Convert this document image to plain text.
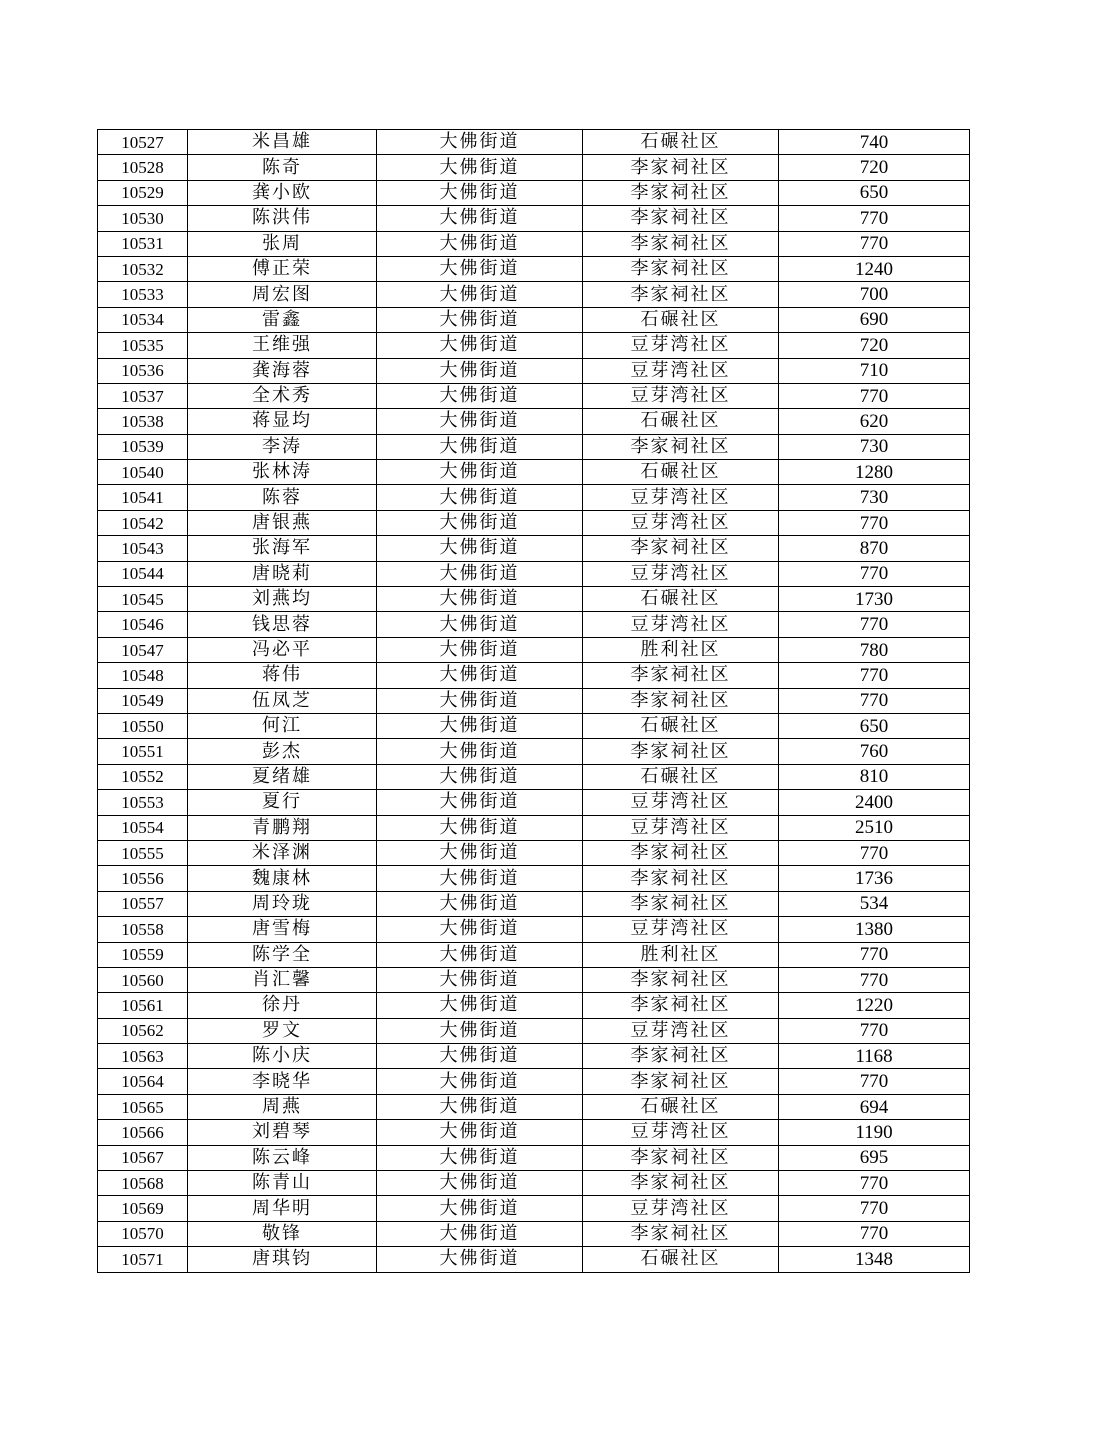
10527	米昌雄	大佛街道	石碾社区	740
10528	陈奇	大佛街道	李家祠社区	720
10529	龚小欧	大佛街道	李家祠社区	650
10530	陈洪伟	大佛街道	李家祠社区	770
10531	张周	大佛街道	李家祠社区	770
10532	傅正荣	大佛街道	李家祠社区	1240
10533	周宏图	大佛街道	李家祠社区	700
10534	雷鑫	大佛街道	石碾社区	690
10535	王维强	大佛街道	豆芽湾社区	720
10536	龚海蓉	大佛街道	豆芽湾社区	710
10537	全术秀	大佛街道	豆芽湾社区	770
10538	蒋显均	大佛街道	石碾社区	620
10539	李涛	大佛街道	李家祠社区	730
10540	张林涛	大佛街道	石碾社区	1280
10541	陈蓉	大佛街道	豆芽湾社区	730
10542	唐银燕	大佛街道	豆芽湾社区	770
10543	张海军	大佛街道	李家祠社区	870
10544	唐晓莉	大佛街道	豆芽湾社区	770
10545	刘燕均	大佛街道	石碾社区	1730
10546	钱思蓉	大佛街道	豆芽湾社区	770
10547	冯必平	大佛街道	胜利社区	780
10548	蒋伟	大佛街道	李家祠社区	770
10549	伍凤芝	大佛街道	李家祠社区	770
10550	何江	大佛街道	石碾社区	650
10551	彭杰	大佛街道	李家祠社区	760
10552	夏绪雄	大佛街道	石碾社区	810
10553	夏行	大佛街道	豆芽湾社区	2400
10554	青鹏翔	大佛街道	豆芽湾社区	2510
10555	米泽渊	大佛街道	李家祠社区	770
10556	魏康林	大佛街道	李家祠社区	1736
10557	周玲珑	大佛街道	李家祠社区	534
10558	唐雪梅	大佛街道	豆芽湾社区	1380
10559	陈学全	大佛街道	胜利社区	770
10560	肖汇馨	大佛街道	李家祠社区	770
10561	徐丹	大佛街道	李家祠社区	1220
10562	罗文	大佛街道	豆芽湾社区	770
10563	陈小庆	大佛街道	李家祠社区	1168
10564	李晓华	大佛街道	李家祠社区	770
10565	周燕	大佛街道	石碾社区	694
10566	刘碧琴	大佛街道	豆芽湾社区	1190
10567	陈云峰	大佛街道	李家祠社区	695
10568	陈青山	大佛街道	李家祠社区	770
10569	周华明	大佛街道	豆芽湾社区	770
10570	敬锋	大佛街道	李家祠社区	770
10571	唐琪钧	大佛街道	石碾社区	1348
